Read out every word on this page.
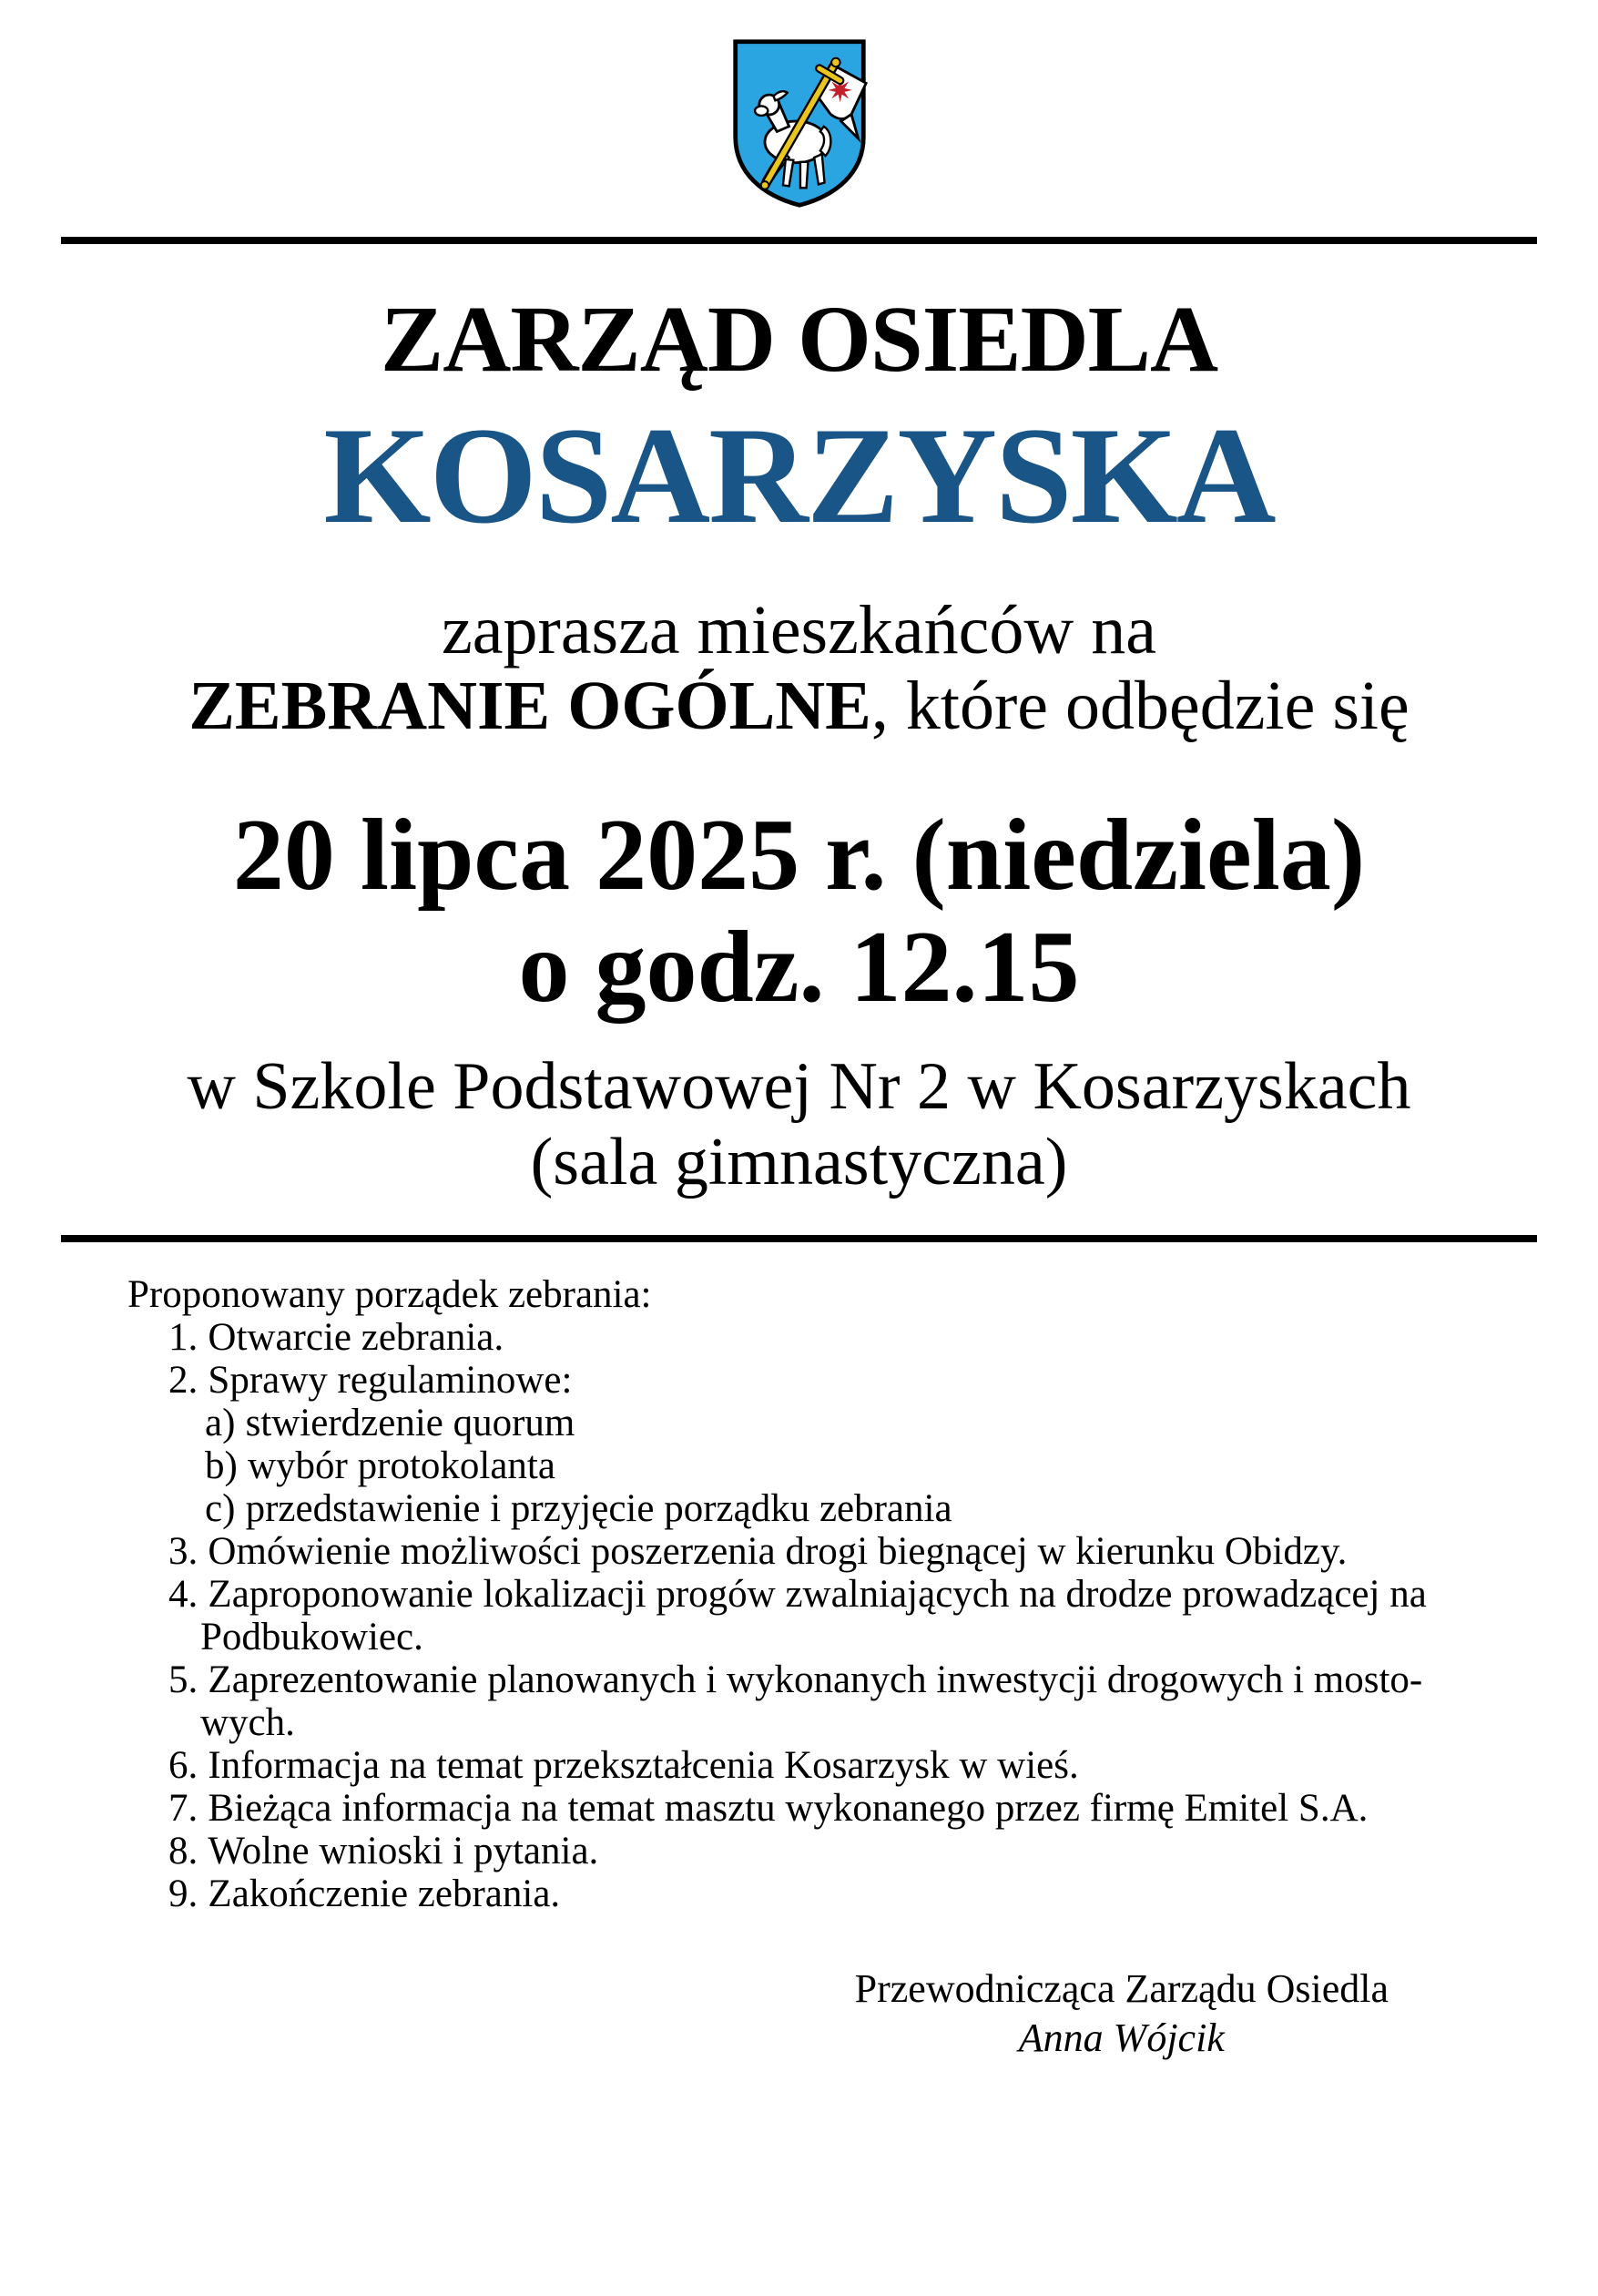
ZARZĄD OSIEDLA
KOSARZYSKA
zaprasza mieszkańców na
ZEBRANIE OGÓLNE, które odbędzie się
20 lipca 2025 r. (niedziela)
o godz. 12.15
w Szkole Podstawowej Nr 2 w Kosarzyskach
(sala gimnastyczna)
Proponowany porządek zebrania:
1. Otwarcie zebrania.
2. Sprawy regulaminowe:
a) stwierdzenie quorum
b) wybór protokolanta
c) przedstawienie i przyjęcie porządku zebrania
3. Omówienie możliwości poszerzenia drogi biegnącej w kierunku Obidzy.
4. Zaproponowanie lokalizacji progów zwalniających na drodze prowadzącej na
Podbukowiec.
5. Zaprezentowanie planowanych i wykonanych inwestycji drogowych i mosto-
wych.
6. Informacja na temat przekształcenia Kosarzysk w wieś.
7. Bieżąca informacja na temat masztu wykonanego przez firmę Emitel S.A.
8. Wolne wnioski i pytania.
9. Zakończenie zebrania.
Przewodnicząca Zarządu Osiedla
Anna Wójcik
